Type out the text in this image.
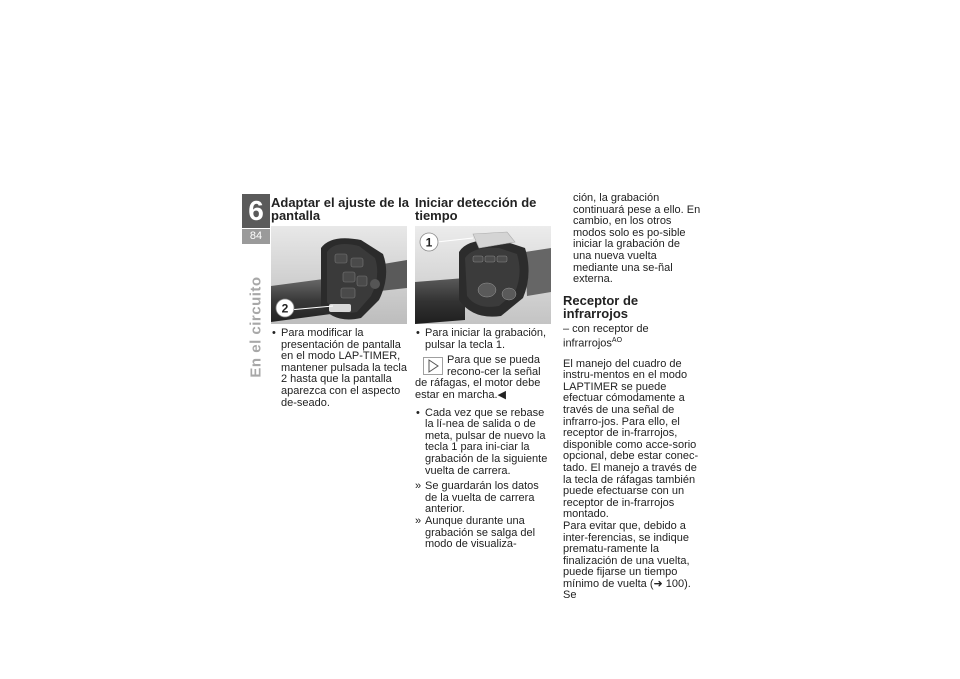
6
84
En el circuito
Adaptar el ajuste de la pantalla
2
• Para modificar la presentación de pantalla en el modo LAP-TIMER, mantener pulsada la tecla 2 hasta que la pantalla aparezca con el aspecto de-seado.
Iniciar detección de tiempo
1
• Para iniciar la grabación, pulsar la tecla 1.
Para que se pueda recono-cer la señal de ráfagas, el motor debe estar en marcha.◀
• Cada vez que se rebase la lí-nea de salida o de meta, pulsar de nuevo la tecla 1 para ini-ciar la grabación de la siguiente vuelta de carrera.
» Se guardarán los datos de la vuelta de carrera anterior.
» Aunque durante una grabación se salga del modo de visualiza-
ción, la grabación continuará pese a ello. En cambio, en los otros modos solo es po-sible iniciar la grabación de una nueva vuelta mediante una se-ñal externa.
Receptor de infrarrojos
– con receptor de infrarrojos$^{AO}$
El manejo del cuadro de instru-mentos en el modo LAPTIMER se puede efectuar cómodamente a través de una señal de infrarro-jos. Para ello, el receptor de in-frarrojos, disponible como acce-sorio opcional, debe estar conec-tado. El manejo a través de la tecla de ráfagas también puede efectuarse con un receptor de in-frarrojos montado.
Para evitar que, debido a inter-ferencias, se indique prematu-ramente la finalización de una vuelta, puede fijarse un tiempo mínimo de vuelta (➜ 100). Se
